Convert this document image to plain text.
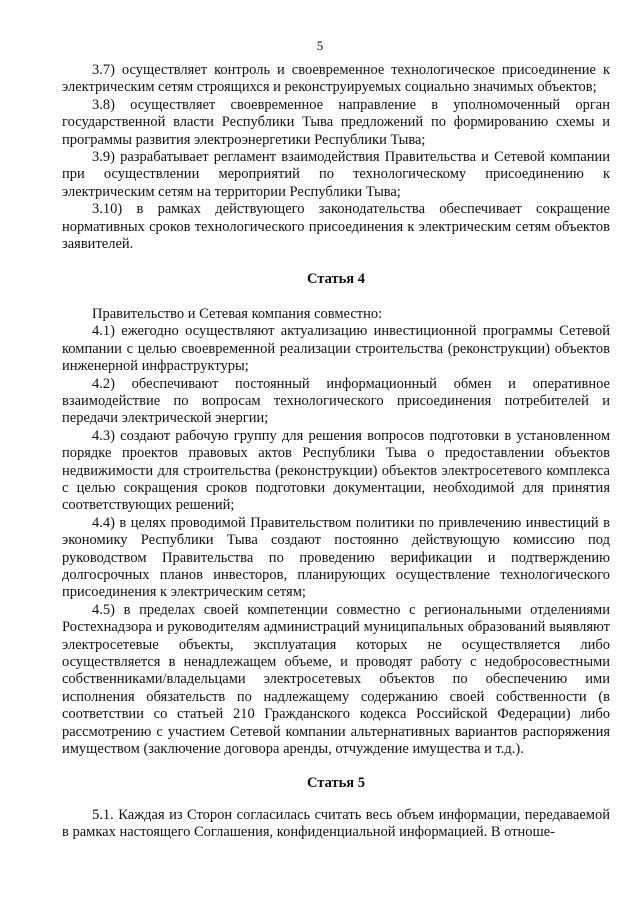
5

3.7) осуществляет контроль и своевременное технологическое присоединение к электрическим сетям строящихся и реконструируемых социально значимых объектов;

3.8) осуществляет своевременное направление в уполномоченный орган государственной власти Республики Тыва предложений по формированию схемы и программы развития электроэнергетики Республики Тыва;

3.9) разрабатывает регламент взаимодействия Правительства и Сетевой компании при осуществлении мероприятий по технологическому присоединению к электрическим сетям на территории Республики Тыва;

3.10) в рамках действующего законодательства обеспечивает сокращение нормативных сроков технологического присоединения к электрическим сетям объектов заявителей.

Статья 4

Правительство и Сетевая компания совместно:

4.1) ежегодно осуществляют актуализацию инвестиционной программы Сетевой компании с целью своевременной реализации строительства (реконструкции) объектов инженерной инфраструктуры;

4.2) обеспечивают постоянный информационный обмен и оперативное взаимодействие по вопросам технологического присоединения потребителей и передачи электрической энергии;

4.3) создают рабочую группу для решения вопросов подготовки в установленном порядке проектов правовых актов Республики Тыва о предоставлении объектов недвижимости для строительства (реконструкции) объектов электросетевого комплекса с целью сокращения сроков подготовки документации, необходимой для принятия соответствующих решений;

4.4) в целях проводимой Правительством политики по привлечению инвестиций в экономику Республики Тыва создают постоянно действующую комиссию под руководством Правительства по проведению верификации и подтверждению долгосрочных планов инвесторов, планирующих осуществление технологического присоединения к электрическим сетям;

4.5) в пределах своей компетенции совместно с региональными отделениями Ростехнадзора и руководителям администраций муниципальных образований выявляют электросетевые объекты, эксплуатация которых не осуществляется либо осуществляется в ненадлежащем объеме, и проводят работу с недобросовестными собственниками/владельцами электросетевых объектов по обеспечению ими исполнения обязательств по надлежащему содержанию своей собственности (в соответствии со статьей 210 Гражданского кодекса Российской Федерации) либо рассмотрению с участием Сетевой компании альтернативных вариантов распоряжения имуществом (заключение договора аренды, отчуждение имущества и т.д.).

Статья 5

5.1. Каждая из Сторон согласилась считать весь объем информации, передаваемой в рамках настоящего Соглашения, конфиденциальной информацией. В отноше-
